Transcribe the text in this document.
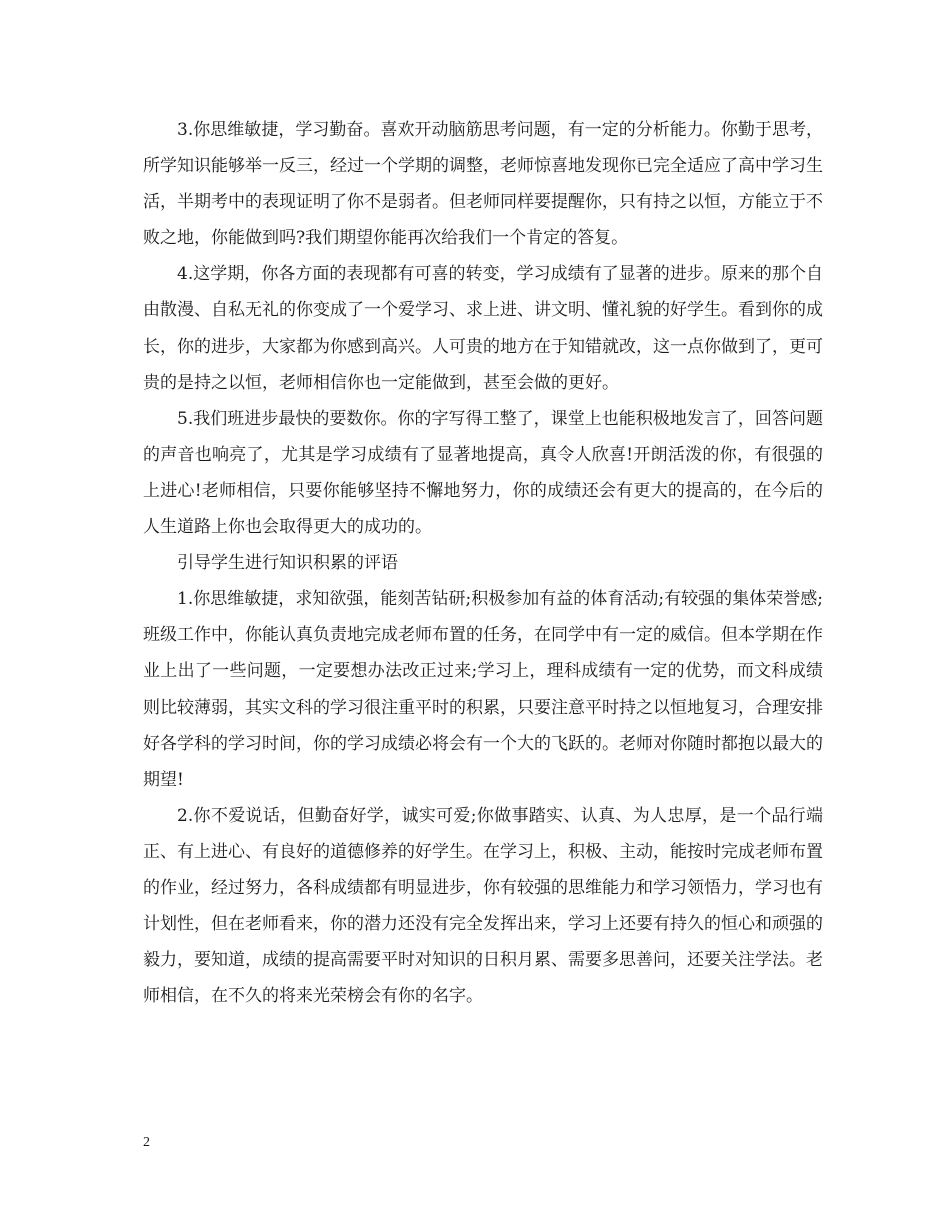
3.你思维敏捷，学习勤奋。喜欢开动脑筋思考问题，有一定的分析能力。你勤于思考，所学知识能够举一反三，经过一个学期的调整，老师惊喜地发现你已完全适应了高中学习生活，半期考中的表现证明了你不是弱者。但老师同样要提醒你，只有持之以恒，方能立于不败之地，你能做到吗?我们期望你能再次给我们一个肯定的答复。

4.这学期，你各方面的表现都有可喜的转变，学习成绩有了显著的进步。原来的那个自由散漫、自私无礼的你变成了一个爱学习、求上进、讲文明、懂礼貌的好学生。看到你的成长，你的进步，大家都为你感到高兴。人可贵的地方在于知错就改，这一点你做到了，更可贵的是持之以恒，老师相信你也一定能做到，甚至会做的更好。

5.我们班进步最快的要数你。你的字写得工整了，课堂上也能积极地发言了，回答问题的声音也响亮了，尤其是学习成绩有了显著地提高，真令人欣喜!开朗活泼的你，有很强的上进心!老师相信，只要你能够坚持不懈地努力，你的成绩还会有更大的提高的，在今后的人生道路上你也会取得更大的成功的。

引导学生进行知识积累的评语

1.你思维敏捷，求知欲强，能刻苦钻研;积极参加有益的体育活动;有较强的集体荣誉感;班级工作中，你能认真负责地完成老师布置的任务，在同学中有一定的威信。但本学期在作业上出了一些问题，一定要想办法改正过来;学习上，理科成绩有一定的优势，而文科成绩则比较薄弱，其实文科的学习很注重平时的积累，只要注意平时持之以恒地复习，合理安排好各学科的学习时间，你的学习成绩必将会有一个大的飞跃的。老师对你随时都抱以最大的期望!

2.你不爱说话，但勤奋好学，诚实可爱;你做事踏实、认真、为人忠厚，是一个品行端正、有上进心、有良好的道德修养的好学生。在学习上，积极、主动，能按时完成老师布置的作业，经过努力，各科成绩都有明显进步，你有较强的思维能力和学习领悟力，学习也有计划性，但在老师看来，你的潜力还没有完全发挥出来，学习上还要有持久的恒心和顽强的毅力，要知道，成绩的提高需要平时对知识的日积月累、需要多思善问，还要关注学法。老师相信，在不久的将来光荣榜会有你的名字。

2
